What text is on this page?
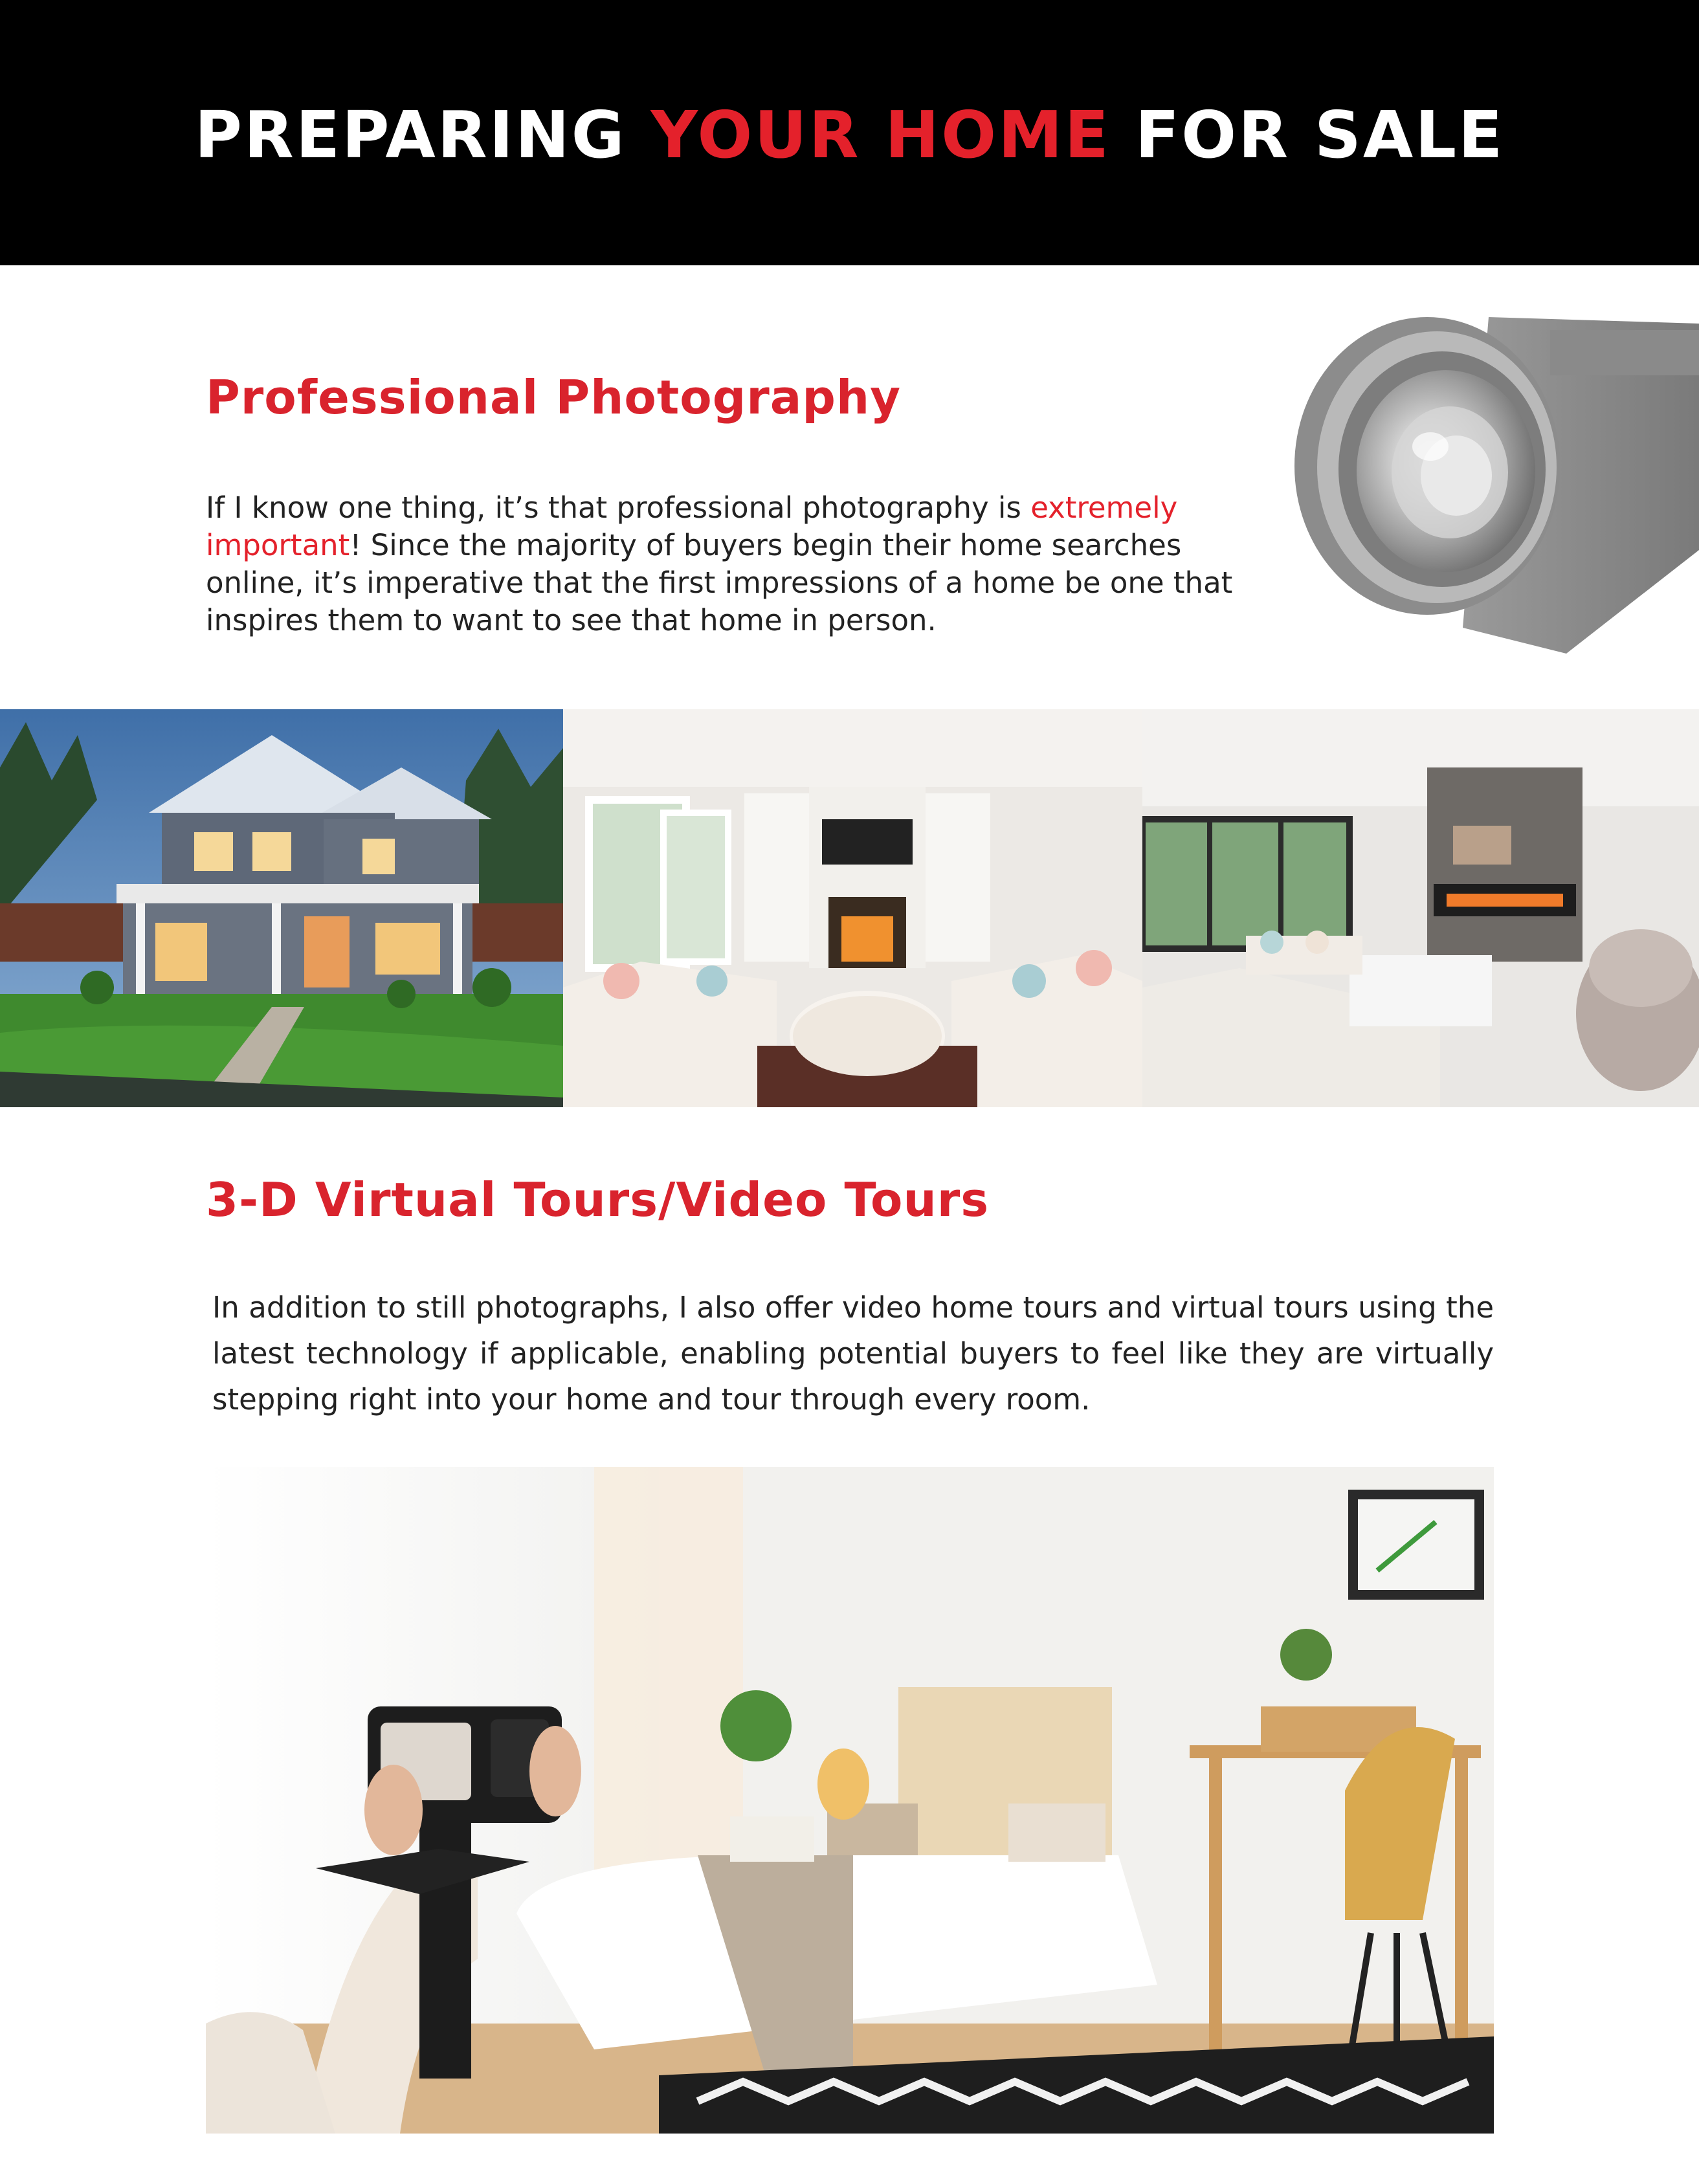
PREPARING YOUR HOME FOR SALE
Professional Photography

If I know one thing, it’s that professional photography is extremely important! Since the majority of buyers begin their home searches online, it’s imperative that the first impressions of a home be one that inspires them to want to see that home in person.

3-D Virtual Tours/Video Tours

In addition to still photographs, I also offer video home tours and virtual tours using the latest technology if applicable, enabling potential buyers to feel like they are virtually stepping right into your home and tour through every room.
